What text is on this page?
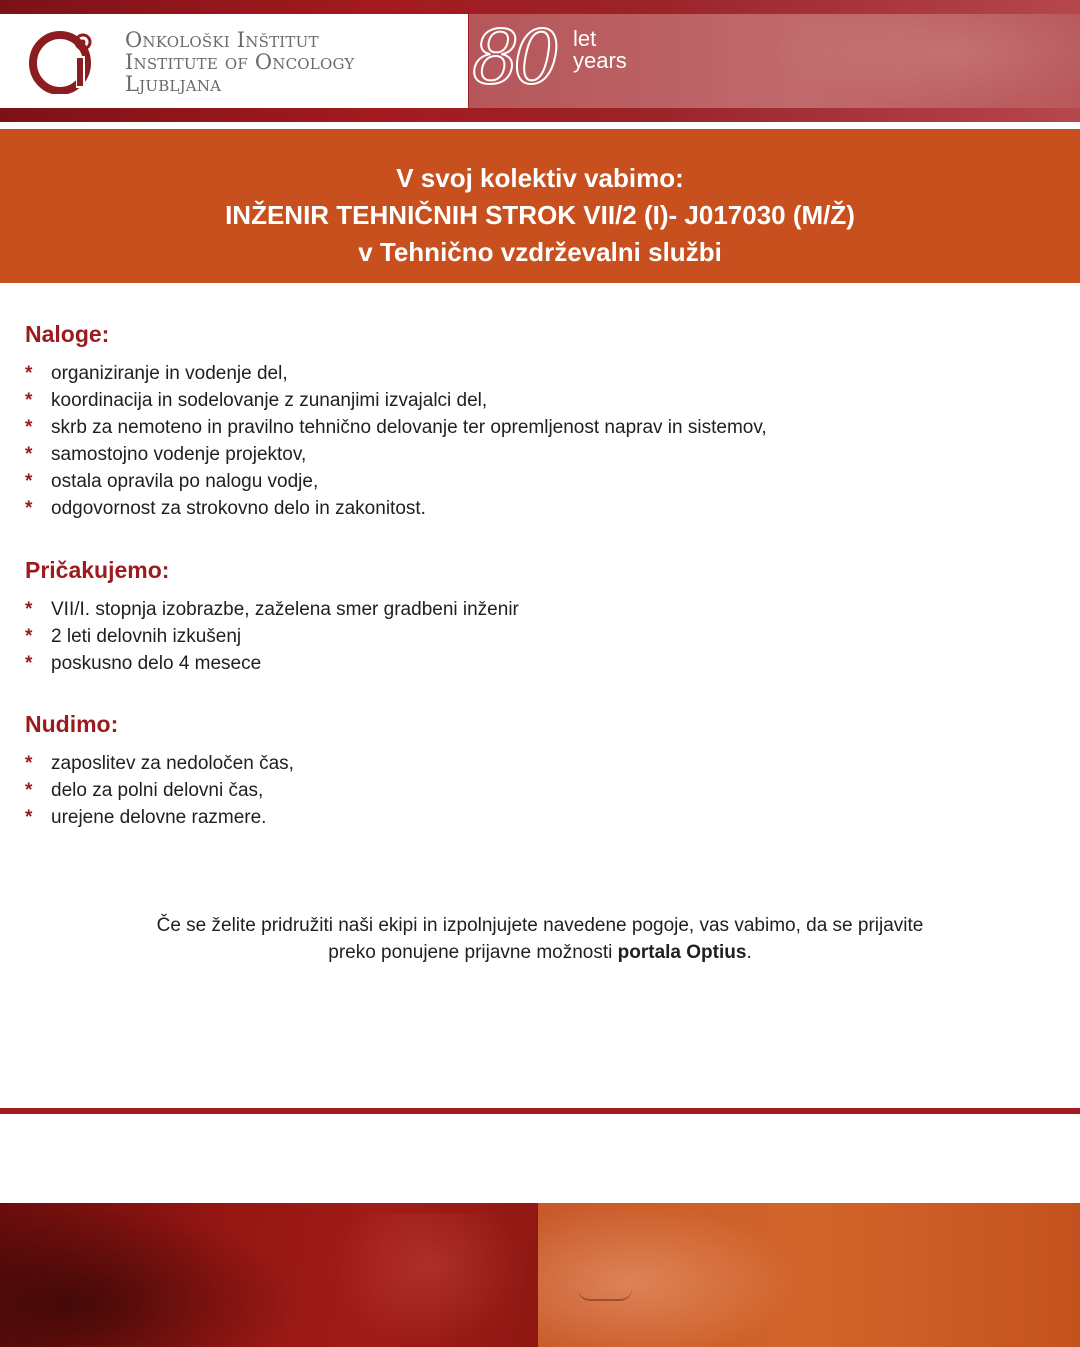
Onkološki Inštitut
Institute of Oncology
Ljubljana	80 let
years
V svoj kolektiv vabimo:
INŽENIR TEHNIČNIH STROK VII/2 (I)- J017030 (M/Ž)
v Tehnično vzdrževalni službi
Naloge:
* organiziranje in vodenje del,
* koordinacija in sodelovanje z zunanjimi izvajalci del,
* skrb za nemoteno in pravilno tehnično delovanje ter opremljenost naprav in sistemov,
* samostojno vodenje projektov,
* ostala opravila po nalogu vodje,
* odgovornost za strokovno delo in zakonitost.
Pričakujemo:
* VII/I. stopnja izobrazbe, zaželena smer gradbeni inženir
* 2 leti delovnih izkušenj
* poskusno delo 4 mesece
Nudimo:
* zaposlitev za nedoločen čas,
* delo za polni delovni čas,
* urejene delovne razmere.
Če se želite pridružiti naši ekipi in izpolnjujete navedene pogoje, vas vabimo, da se prijavite
preko ponujene prijavne možnosti portala Optius.
